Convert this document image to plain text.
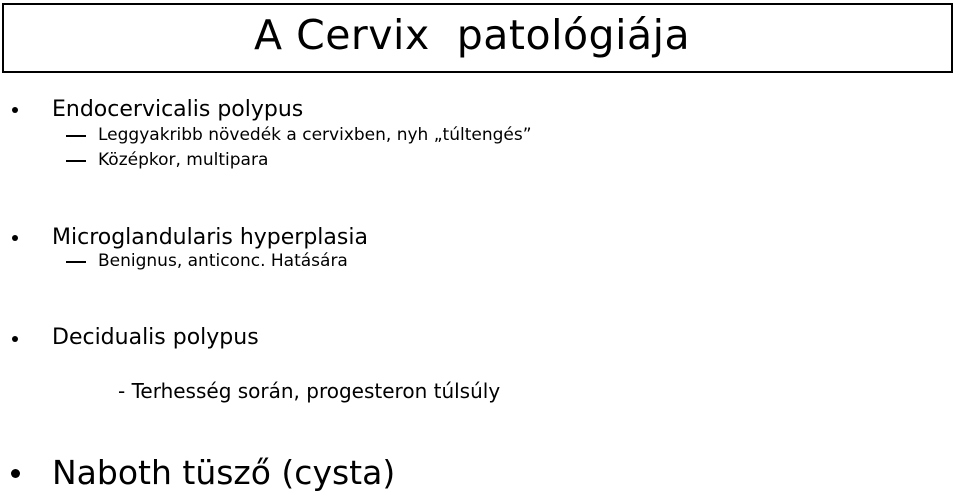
A Cervix  patológiája
Endocervicalis polypus
Leggyakribb növedék a cervixben, nyh „túltengés”
Középkor, multipara
Microglandularis hyperplasia
Benignus, anticonc. Hatására
Decidualis polypus
- Terhesség során, progesteron túlsúly
Naboth tüsző (cysta)
